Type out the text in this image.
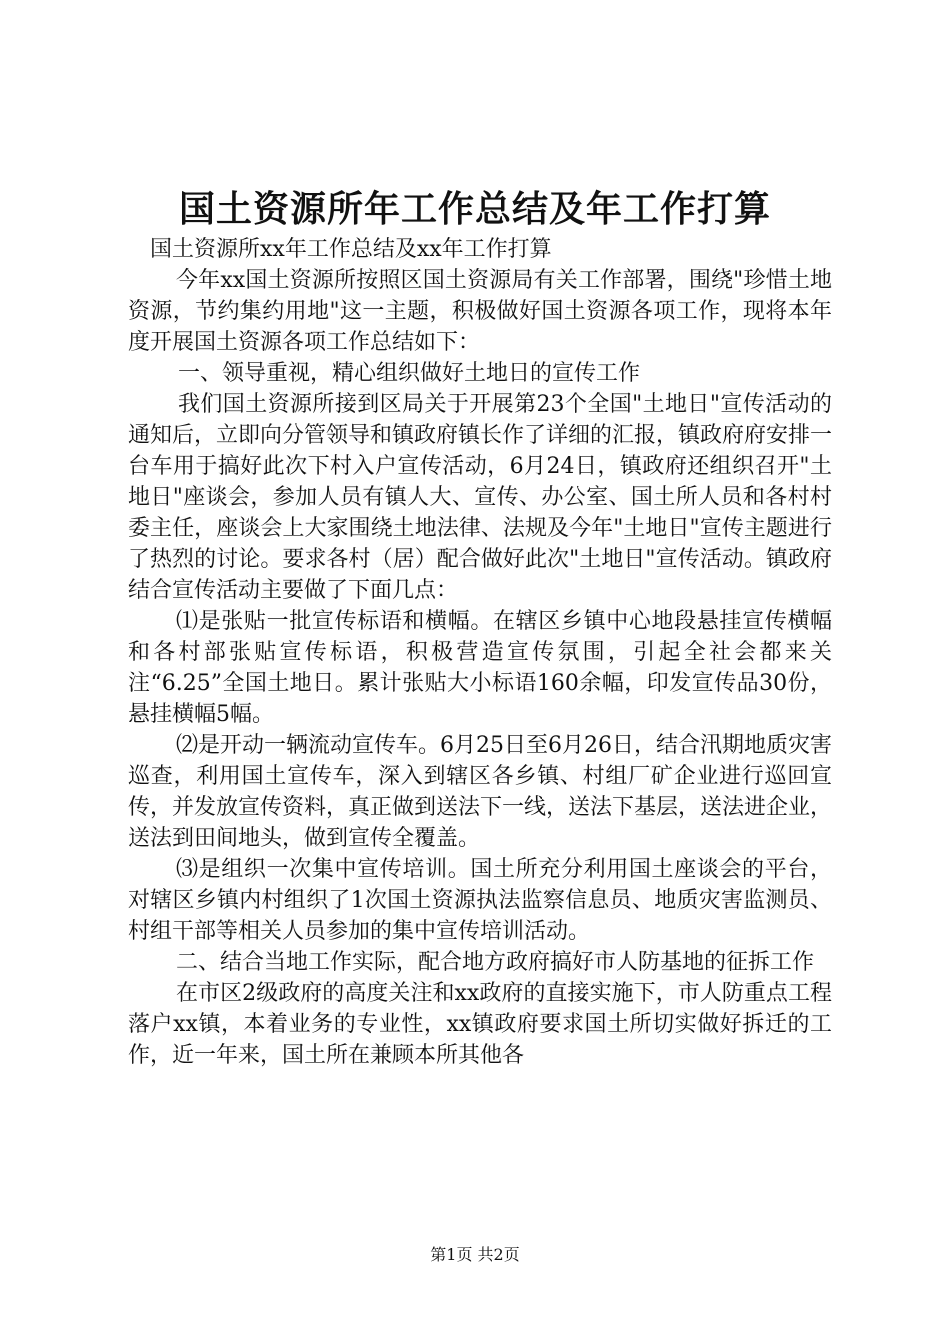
国土资源所年工作总结及年工作打算

国土资源所xx年工作总结及xx年工作打算

今年xx国土资源所按照区国土资源局有关工作部署，围绕"珍惜土地资源，节约集约用地"这一主题，积极做好国土资源各项工作，现将本年度开展国土资源各项工作总结如下：

一、领导重视，精心组织做好土地日的宣传工作

我们国土资源所接到区局关于开展第23个全国"土地日"宣传活动的通知后，立即向分管领导和镇政府镇长作了详细的汇报，镇政府府安排一台车用于搞好此次下村入户宣传活动，6月24日，镇政府还组织召开"土地日"座谈会，参加人员有镇人大、宣传、办公室、国土所人员和各村村委主任，座谈会上大家围绕土地法律、法规及今年"土地日"宣传主题进行了热烈的讨论。要求各村（居）配合做好此次"土地日"宣传活动。镇政府结合宣传活动主要做了下面几点：

⑴是张贴一批宣传标语和横幅。在辖区乡镇中心地段悬挂宣传横幅和各村部张贴宣传标语，积极营造宣传氛围，引起全社会都来关注“6.25”全国土地日。累计张贴大小标语160余幅，印发宣传品30份，悬挂横幅5幅。

⑵是开动一辆流动宣传车。6月25日至6月26日，结合汛期地质灾害巡查，利用国土宣传车，深入到辖区各乡镇、村组厂矿企业进行巡回宣传，并发放宣传资料，真正做到送法下一线，送法下基层，送法进企业，送法到田间地头，做到宣传全覆盖。

⑶是组织一次集中宣传培训。国土所充分利用国土座谈会的平台，对辖区乡镇内村组织了1次国土资源执法监察信息员、地质灾害监测员、村组干部等相关人员参加的集中宣传培训活动。

二、结合当地工作实际，配合地方政府搞好市人防基地的征拆工作

在市区2级政府的高度关注和xx政府的直接实施下，市人防重点工程落户xx镇，本着业务的专业性，xx镇政府要求国土所切实做好拆迁的工作，近一年来，国土所在兼顾本所其他各

第1页 共2页
